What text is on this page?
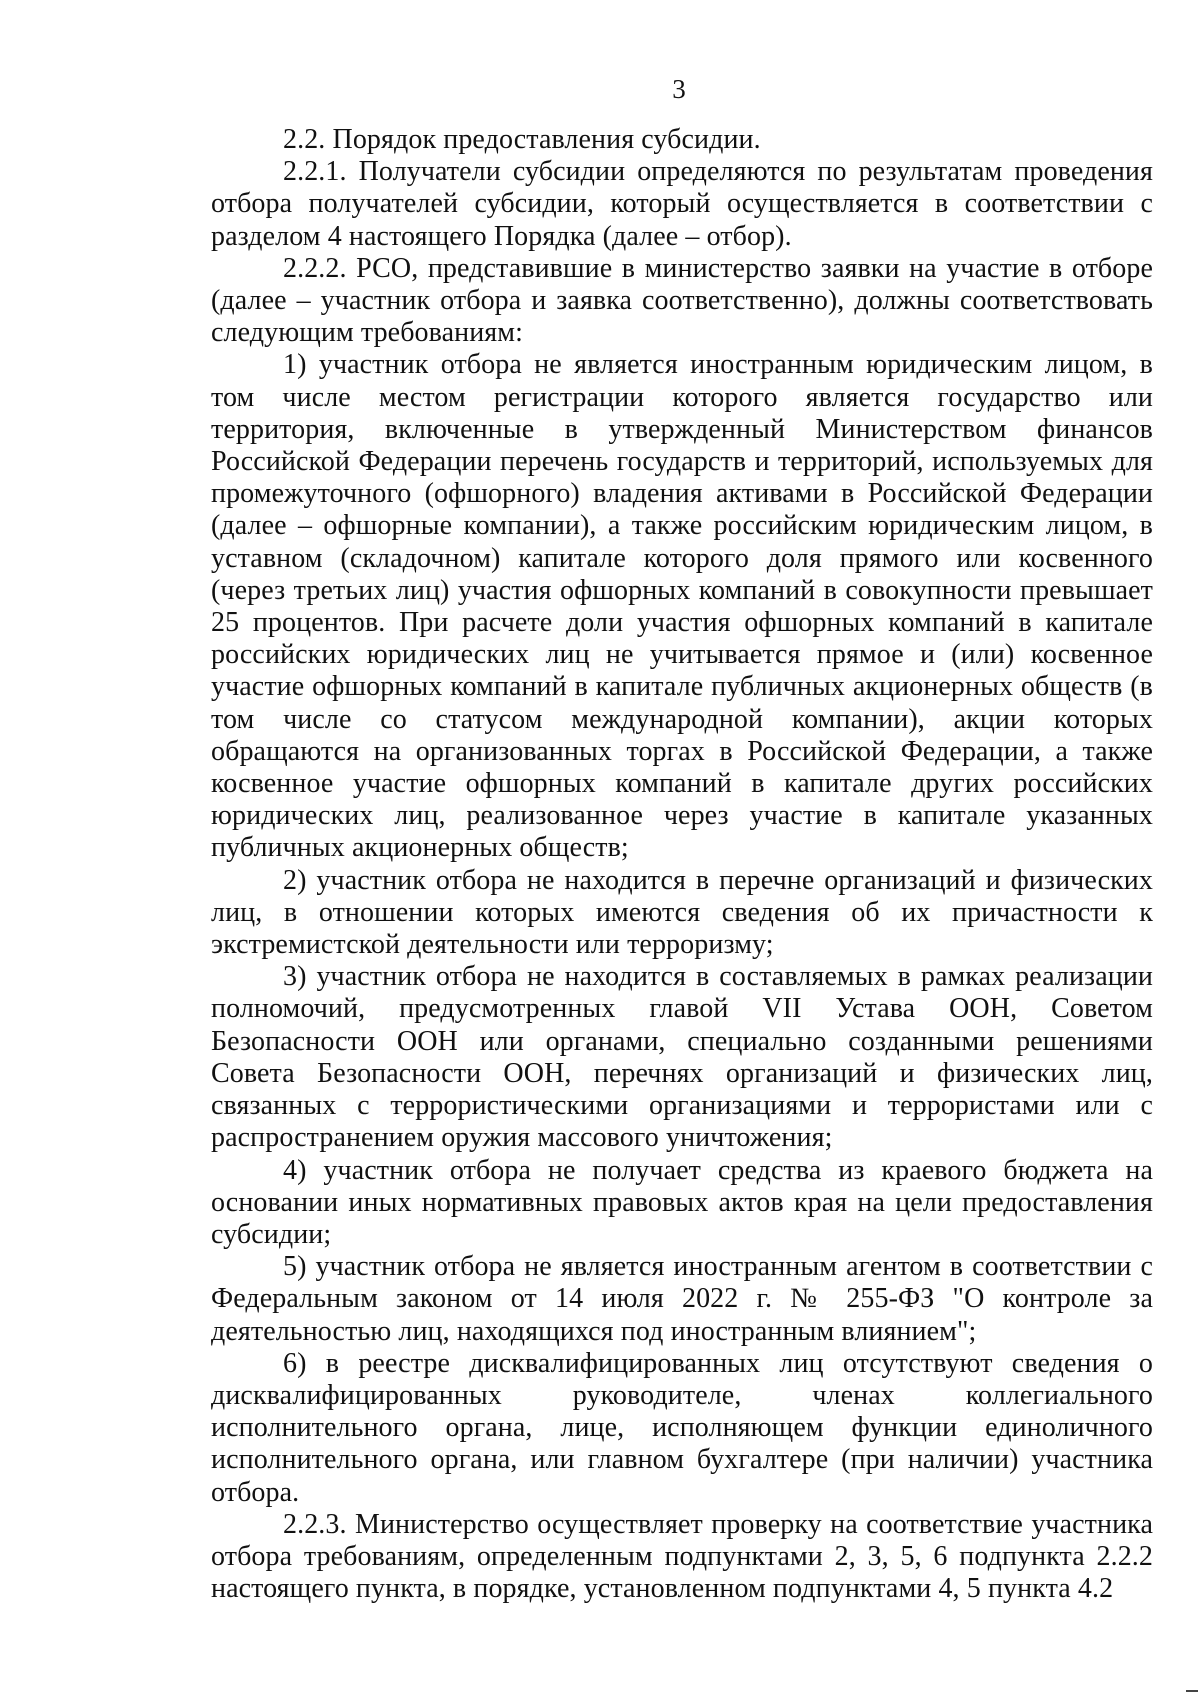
3

2.2. Порядок предоставления субсидии.

2.2.1. Получатели субсидии определяются по результатам проведения отбора получателей субсидии, который осуществляется в соответствии с разделом 4 настоящего Порядка (далее – отбор).

2.2.2. РСО, представившие в министерство заявки на участие в отборе (далее – участник отбора и заявка соответственно), должны соответствовать следующим требованиям:

1) участник отбора не является иностранным юридическим лицом, в том числе местом регистрации которого является государство или территория, включенные в утвержденный Министерством финансов Российской Федерации перечень государств и территорий, используемых для промежуточного (офшорного) владения активами в Российской Федерации (далее – офшорные компании), а также российским юридическим лицом, в уставном (складочном) капитале которого доля прямого или косвенного (через третьих лиц) участия офшорных компаний в совокупности превышает 25 процентов. При расчете доли участия офшорных компаний в капитале российских юридических лиц не учитывается прямое и (или) косвенное участие офшорных компаний в капитале публичных акционерных обществ (в том числе со статусом международной компании), акции которых обращаются на организованных торгах в Российской Федерации, а также косвенное участие офшорных компаний в капитале других российских юридических лиц, реализованное через участие в капитале указанных публичных акционерных обществ;

2) участник отбора не находится в перечне организаций и физических лиц, в отношении которых имеются сведения об их причастности к экстремистской деятельности или терроризму;

3) участник отбора не находится в составляемых в рамках реализации полномочий, предусмотренных главой VII Устава ООН, Советом Безопасности ООН или органами, специально созданными решениями Совета Безопасности ООН, перечнях организаций и физических лиц, связанных с террористическими организациями и террористами или с распространением оружия массового уничтожения;

4) участник отбора не получает средства из краевого бюджета на основании иных нормативных правовых актов края на цели предоставления субсидии;

5) участник отбора не является иностранным агентом в соответствии с Федеральным законом от 14 июля 2022 г. № 255-ФЗ "О контроле за деятельностью лиц, находящихся под иностранным влиянием";

6) в реестре дисквалифицированных лиц отсутствуют сведения о дисквалифицированных руководителе, членах коллегиального исполнительного органа, лице, исполняющем функции единоличного исполнительного органа, или главном бухгалтере (при наличии) участника отбора.

2.2.3. Министерство осуществляет проверку на соответствие участника отбора требованиям, определенным подпунктами 2, 3, 5, 6 подпункта 2.2.2 настоящего пункта, в порядке, установленном подпунктами 4, 5 пункта 4.2
